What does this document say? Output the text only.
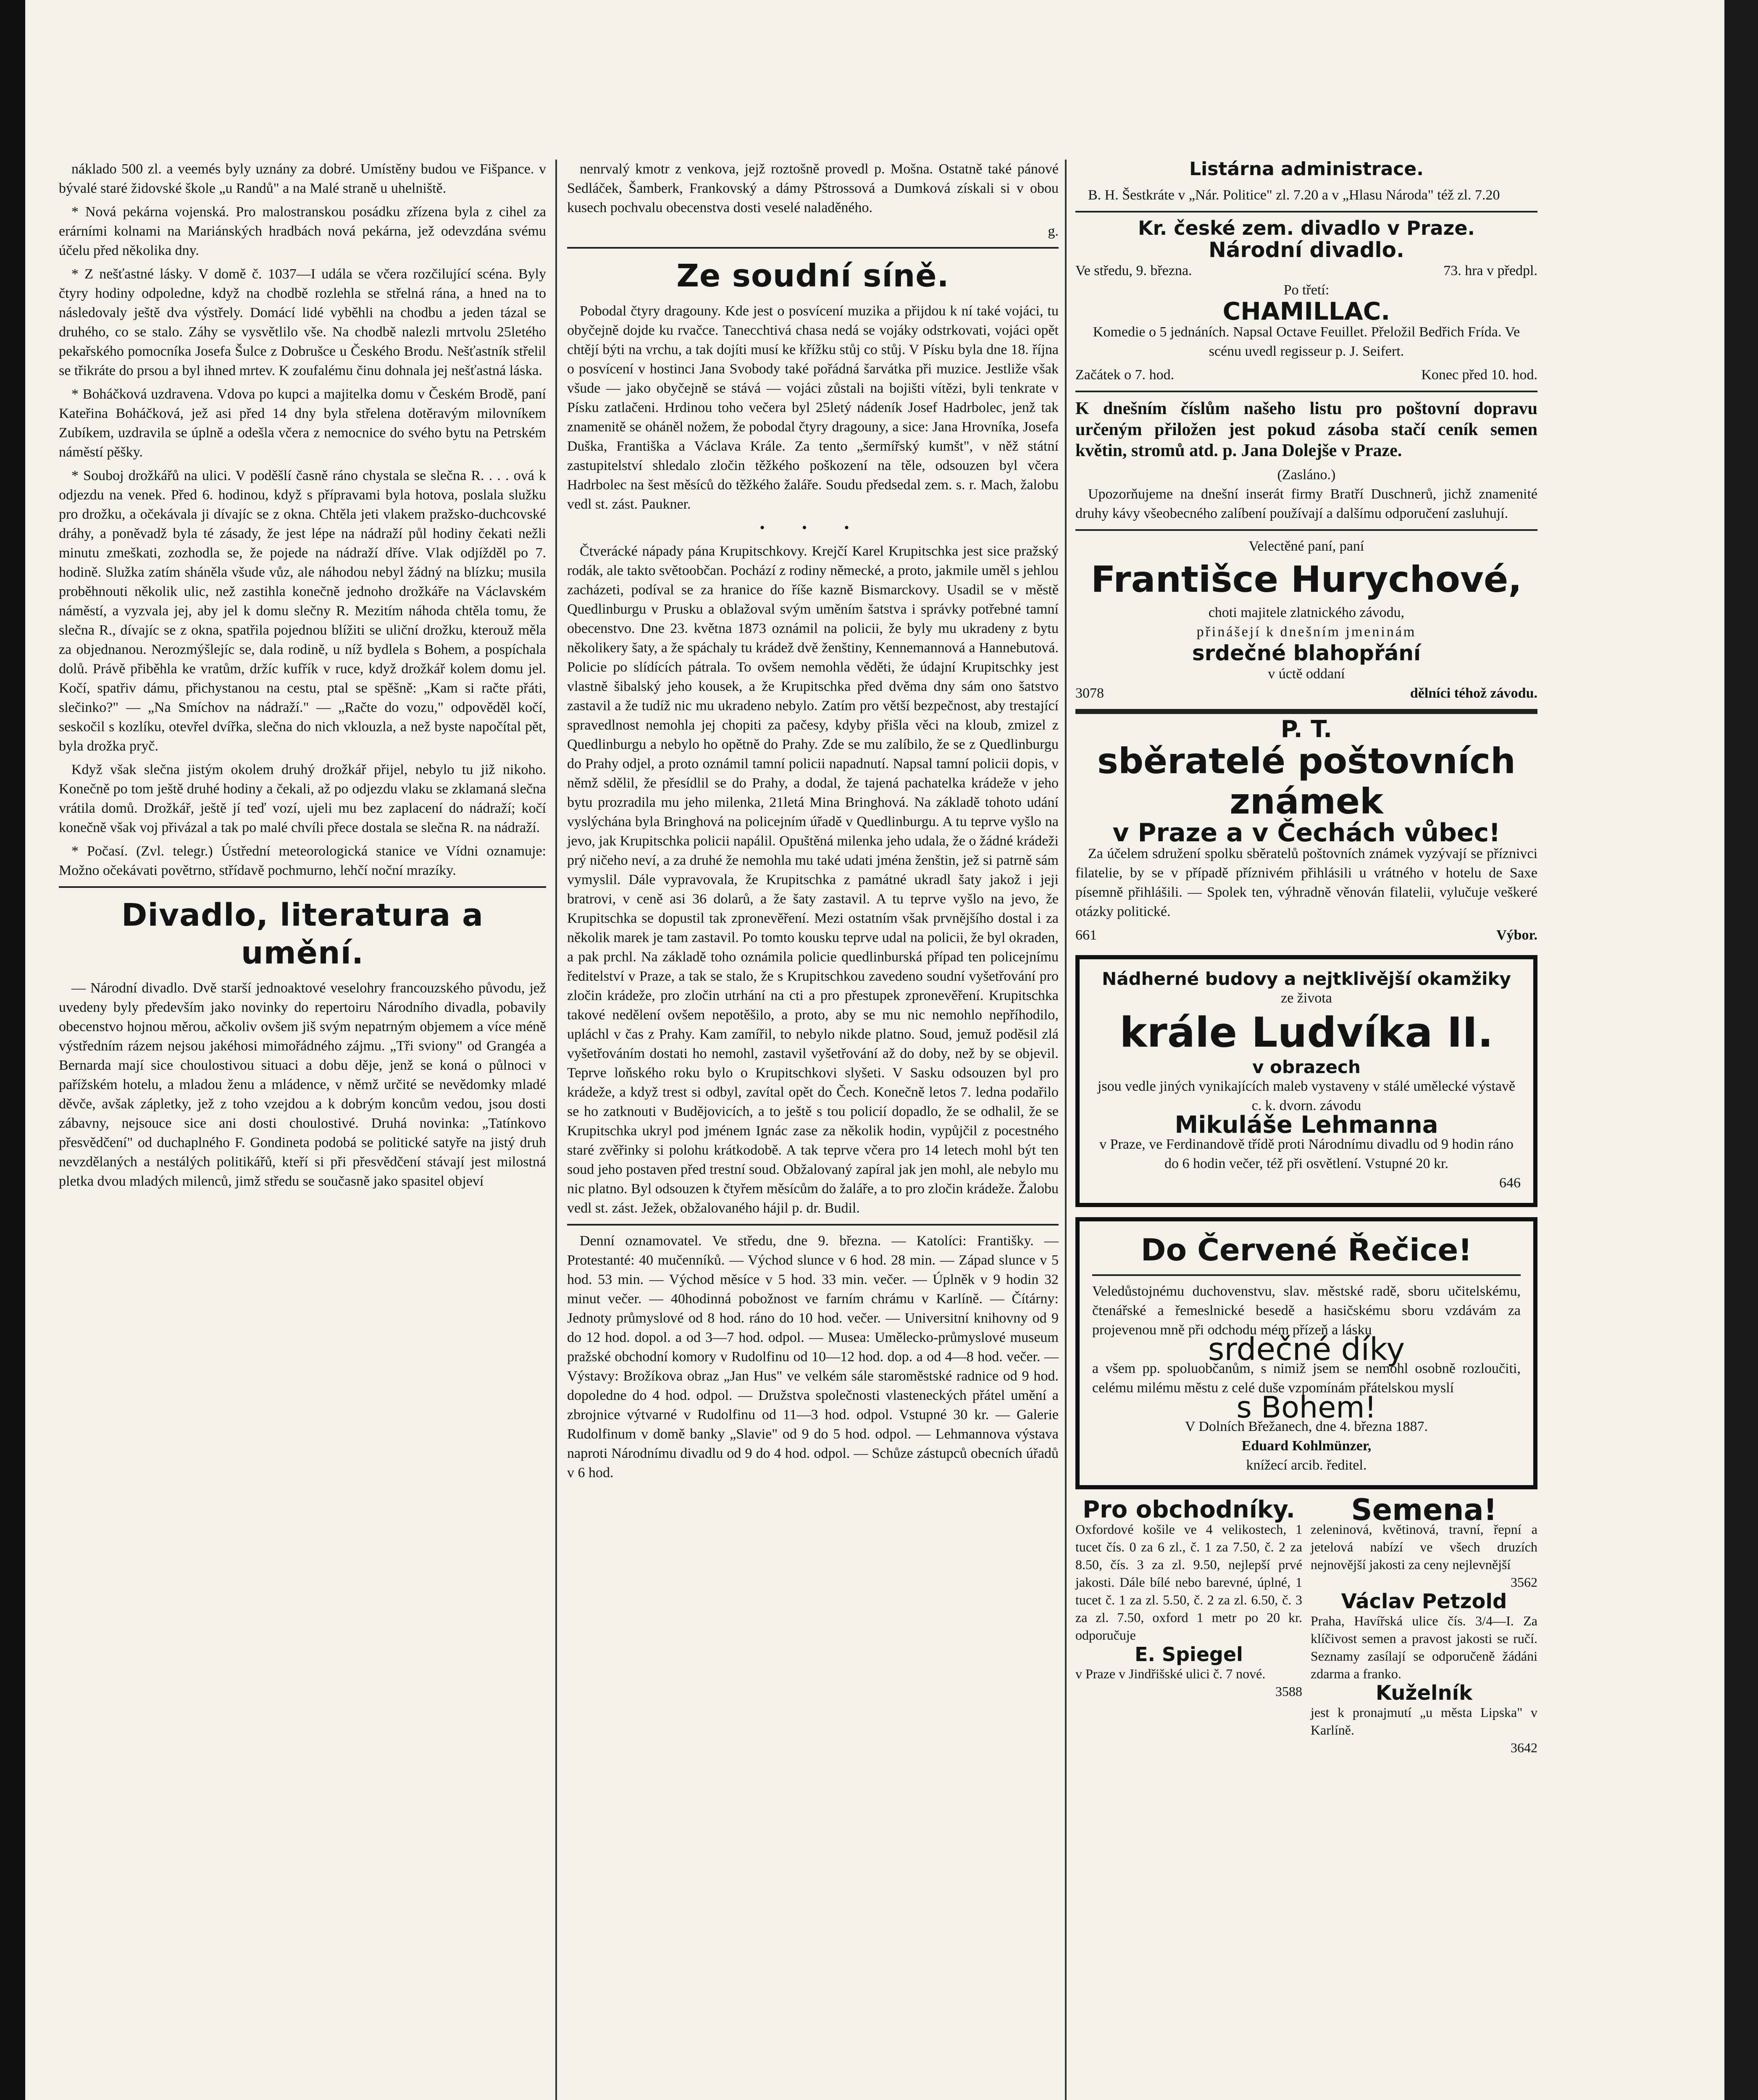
náklado 500 zl. a veemés byly uznány za dobré. Umístěny budou ve Fišpance. v bývalé staré židovské škole „u Randů" a na Malé straně u uhelniště.

* Nová pekárna vojenská. Pro malostranskou posádku zřízena byla z cihel za erárními kolnami na Mariánských hradbách nová pekárna, jež odevzdána svému účelu před několika dny.

* Z nešťastné lásky. V domě č. 1037—I udála se včera rozčilující scéna. Byly čtyry hodiny odpoledne, když na chodbě rozlehla se střelná rána, a hned na to následovaly ještě dva výstřely. Domácí lidé vyběhli na chodbu a jeden tázal se druhého, co se stalo. Záhy se vysvětlilo vše. Na chodbě nalezli mrtvolu 25letého pekařského pomocníka Josefa Šulce z Dobrušce u Českého Brodu. Nešťastník střelil se třikráte do prsou a byl ihned mrtev. K zoufalému činu dohnala jej nešťastná láska.

* Boháčková uzdravena. Vdova po kupci a majitelka domu v Českém Brodě, paní Kateřina Boháčková, jež asi před 14 dny byla střelena dotěravým milovníkem Zubíkem, uzdravila se úplně a odešla včera z nemocnice do svého bytu na Petrském náměstí pěšky.

* Souboj drožkářů na ulici. V poděšlí časně ráno chystala se slečna R. . . . ová k odjezdu na venek. Před 6. hodinou, když s přípravami byla hotova, poslala služku pro drožku, a očekávala ji dívajíc se z okna. Chtěla jeti vlakem pražsko-duchcovské dráhy, a poněvadž byla té zásady, že jest lépe na nádraží půl hodiny čekati nežli minutu zmeškati, zozhodla se, že pojede na nádraží dříve. Vlak odjížděl po 7. hodině. Služka zatím sháněla všude vůz, ale náhodou nebyl žádný na blízku; musila proběhnouti několik ulic, než zastihla konečně jednoho drožkáře na Václavském náměstí, a vyzvala jej, aby jel k domu slečny R. Mezitím náhoda chtěla tomu, že slečna R., dívajíc se z okna, spatřila pojednou blížiti se uliční drožku, kterouž měla za objednanou. Nerozmýšlejíc se, dala rodině, u níž bydlela s Bohem, a pospíchala dolů. Právě přiběhla ke vratům, držíc kufřík v ruce, když drožkář kolem domu jel. Kočí, spatřiv dámu, přichystanou na cestu, ptal se spěšně: „Kam si račte přáti, slečinko?" — „Na Smíchov na nádraží." — „Račte do vozu," odpověděl kočí, seskočil s kozlíku, otevřel dvířka, slečna do nich vklouzla, a než byste napočítal pět, byla drožka pryč.

Když však slečna jistým okolem druhý drožkář přijel, nebylo tu již nikoho. Konečně po tom ještě druhé hodiny a čekali, až po odjezdu vlaku se zklamaná slečna vrátila domů. Drožkář, ještě jí teď vozí, ujeli mu bez zaplacení do nádraží; kočí konečně však voj přivázal a tak po malé chvíli přece dostala se slečna R. na nádraží.

* Počasí. (Zvl. telegr.) Ústřední meteorologická stanice ve Vídni oznamuje: Možno očekávati povětrno, střídavě pochmurno, lehčí noční mrazíky.

Divadlo, literatura a umění.

— Národní divadlo. Dvě starší jednoaktové veselohry francouzského původu, jež uvedeny byly především jako novinky do repertoiru Národního divadla, pobavily obecenstvo hojnou měrou, ačkoliv ovšem jiš svým nepatrným objemem a více méně výstředním rázem nejsou jakéhosi mimořádného zájmu. „Tři sviony" od Grangéa a Bernarda mají sice choulostivou situaci a dobu děje, jenž se koná o půlnoci v pařížském hotelu, a mladou ženu a mládence, v němž určité se nevědomky mladé děvče, avšak zápletky, jež z toho vzejdou a k dobrým koncům vedou, jsou dosti zábavny, nejsouce sice ani dosti choulostivé. Druhá novinka: „Tatínkovo přesvědčení" od duchaplného F. Gondineta podobá se politické satyře na jistý druh nevzdělaných a nestálých politikářů, kteří si při přesvědčení stávají jest milostná pletka dvou mladých milenců, jimž středu se současně jako spasitel objeví

nenrvalý kmotr z venkova, jejž roztošně provedl p. Mošna. Ostatně také pánové Sedláček, Šamberk, Frankovský a dámy Pštrossová a Dumková získali si v obou kusech pochvalu obecenstva dosti veselé naladěného.

g.

Ze soudní síně.

Pobodal čtyry dragouny. Kde jest o posvícení muzika a přijdou k ní také vojáci, tu obyčejně dojde ku rvačce. Tanecchtivá chasa nedá se vojáky odstrkovati, vojáci opět chtějí býti na vrchu, a tak dojíti musí ke křížku stůj co stůj. V Písku byla dne 18. října o posvícení v hostinci Jana Svobody také pořádná šarvátka při muzice. Jestliže však všude — jako obyčejně se stává — vojáci zůstali na bojišti vítězi, byli tenkrate v Písku zatlačeni. Hrdinou toho večera byl 25letý nádeník Josef Hadrbolec, jenž tak znamenitě se oháněl nožem, že pobodal čtyry dragouny, a sice: Jana Hrovníka, Josefa Duška, Františka a Václava Krále. Za tento „šermířský kumšt", v něž státní zastupitelství shledalo zločin těžkého poškození na těle, odsouzen byl včera Hadrbolec na šest měsíců do těžkého žaláře. Soudu předsedal zem. s. r. Mach, žalobu vedl st. zást. Paukner.

• • •

Čtverácké nápady pána Krupitschkovy. Krejčí Karel Krupitschka jest sice pražský rodák, ale takto světoobčan. Pochází z rodiny německé, a proto, jakmile uměl s jehlou zacházeti, podíval se za hranice do říše kazně Bismarckovy. Usadil se v městě Quedlinburgu v Prusku a oblažoval svým uměním šatstva i správky potřebné tamní obecenstvo. Dne 23. května 1873 oznámil na policii, že byly mu ukradeny z bytu několikery šaty, a že spáchaly tu krádež dvě ženštiny, Kennemannová a Hannebutová. Policie po slídících pátrala. To ovšem nemohla věděti, že údajní Krupitschky jest vlastně šibalský jeho kousek, a že Krupitschka před dvěma dny sám ono šatstvo zastavil a že tudíž nic mu ukradeno nebylo. Zatím pro větší bezpečnost, aby trestající spravedlnost nemohla jej chopiti za pačesy, kdyby přišla věci na kloub, zmizel z Quedlinburgu a nebylo ho opětně do Prahy. Zde se mu zalíbilo, že se z Quedlinburgu do Prahy odjel, a proto oznámil tamní policii napadnutí. Napsal tamní policii dopis, v němž sdělil, že přesídlil se do Prahy, a dodal, že tajená pachatelka krádeže v jeho bytu prozradila mu jeho milenka, 21letá Mina Bringhová. Na základě tohoto udání vyslýchána byla Bringhová na policejním úřadě v Quedlinburgu. A tu teprve vyšlo na jevo, jak Krupitschka policii napálil. Opuštěná milenka jeho udala, že o žádné krádeži prý ničeho neví, a za druhé že nemohla mu také udati jména ženštin, jež si patrně sám vymyslil. Dále vypravovala, že Krupitschka z památné ukradl šaty jakož i jeji bratrovi, v ceně asi 36 dolarů, a že šaty zastavil. A tu teprve vyšlo na jevo, že Krupitschka se dopustil tak zpronevěření. Mezi ostatním však prvnějšího dostal i za několik marek je tam zastavil. Po tomto kousku teprve udal na policii, že byl okraden, a pak prchl. Na základě toho oznámila policie quedlinburská případ ten policejnímu ředitelství v Praze, a tak se stalo, že s Krupitschkou zavedeno soudní vyšetřování pro zločin krádeže, pro zločin utrhání na cti a pro přestupek zpronevěření. Krupitschka takové nedělení ovšem nepotěšilo, a proto, aby se mu nic nemohlo nepříhodilo, upláchl v čas z Prahy. Kam zamířil, to nebylo nikde platno. Soud, jemuž poděsil zlá vyšetřováním dostati ho nemohl, zastavil vyšetřování až do doby, než by se objevil. Teprve loňského roku bylo o Krupitschkovi slyšeti. V Sasku odsouzen byl pro krádeže, a když trest si odbyl, zavítal opět do Čech. Konečně letos 7. ledna podařilo se ho zatknouti v Budějovicích, a to ještě s tou policií dopadlo, že se odhalil, že se Krupitschka ukryl pod jménem Ignác zase za několik hodin, vypůjčil z pocestného staré zvěřinky si polohu krátkodobě. A tak teprve včera pro 14 letech mohl být ten soud jeho postaven před trestní soud. Obžalovaný zapíral jak jen mohl, ale nebylo mu nic platno. Byl odsouzen k čtyřem měsícům do žaláře, a to pro zločin krádeže. Žalobu vedl st. zást. Ježek, obžalovaného hájil p. dr. Budil.

Denní oznamovatel. Ve středu, dne 9. března. — Katolíci: Františky. — Protestanté: 40 mučenníků. — Východ slunce v 6 hod. 28 min. — Západ slunce v 5 hod. 53 min. — Východ měsíce v 5 hod. 33 min. večer. — Úplněk v 9 hodin 32 minut večer. — 40hodinná pobožnost ve farním chrámu v Karlíně. — Čítárny: Jednoty průmyslové od 8 hod. ráno do 10 hod. večer. — Universitní knihovny od 9 do 12 hod. dopol. a od 3—7 hod. odpol. — Musea: Umělecko-průmyslové museum pražské obchodní komory v Rudolfinu od 10—12 hod. dop. a od 4—8 hod. večer. — Výstavy: Brožíkova obraz „Jan Hus" ve velkém sále staroměstské radnice od 9 hod. dopoledne do 4 hod. odpol. — Družstva společnosti vlasteneckých přátel umění a zbrojnice výtvarné v Rudolfinu od 11—3 hod. odpol. Vstupné 30 kr. — Galerie Rudolfinum v domě banky „Slavie" od 9 do 5 hod. odpol. — Lehmannova výstava naproti Národnímu divadlu od 9 do 4 hod. odpol. — Schůze zástupců obecních úřadů v 6 hod.

Listárna administrace.

B. H. Šestkráte v „Nár. Politice" zl. 7.20 a v „Hlasu Národa" též zl. 7.20

Kr. české zem. divadlo v Praze.
Národní divadlo.
Ve středu, 9. března.	73. hra v předpl.
Po třetí:
CHAMILLAC.

Komedie o 5 jednáních. Napsal Octave Feuillet. Přeložil Bedřich Frída. Ve scénu uvedl regisseur p. J. Seifert.

Začátek o 7. hod.	Konec před 10. hod.

K dnešním číslům našeho listu pro poštovní dopravu určeným přiložen jest pokud zásoba stačí ceník semen květin, stromů atd. p. Jana Dolejše v Praze.

(Zasláno.)

Upozorňujeme na dnešní inserát firmy Bratří Duschnerů, jichž znamenité druhy kávy všeobecného zalíbení používají a dalšímu odporučení zasluhují.

Velectěné paní, paní
Františce Hurychové,
choti majitele zlatnického závodu,
přinášejí k dnešním jmeninám
srdečné blahopřání
v úctě oddaní
3078	dělníci téhož závodu.
P. T.
sběratelé poštovních známek
v Praze a v Čechách vůbec!

Za účelem sdružení spolku sběratelů poštovních známek vyzývají se příznivci filatelie, by se v případě příznivém přihlásili u vrátného v hotelu de Saxe písemně přihlášili. — Spolek ten, výhradně věnován filatelii, vylučuje veškeré otázky politické.

661	Výbor.
Nádherné budovy a nejtklivější okamžiky
ze života
krále Ludvíka II.
v obrazech
jsou vedle jiných vynikajících maleb vystaveny v stálé umělecké výstavě c. k. dvorn. závodu
Mikuláše Lehmanna
v Praze, ve Ferdinandově třídě proti Národnímu divadlu od 9 hodin ráno do 6 hodin večer, též při osvětlení. Vstupné 20 kr.
646
Do Červené Řečice!
Veledůstojnému duchovenstvu, slav. městské radě, sboru učitelskému, čtenářské a řemeslnické besedě a hasičskému sboru vzdávám za projevenou mně při odchodu mém přízeň a lásku
srdečné díky
a všem pp. spoluobčanům, s nimiž jsem se nemohl osobně rozloučiti, celému milému městu z celé duše vzpomínám přátelskou myslí
s Bohem!
V Dolních Břežanech, dne 4. března 1887.
Eduard Kohlmünzer,
knížecí arcib. ředitel.
Pro obchodníky.
Oxfordové košile ve 4 velikostech, 1 tucet čís. 0 za 6 zl., č. 1 za 7.50, č. 2 za 8.50, čís. 3 za zl. 9.50, nejlepší prvé jakosti. Dále bílé nebo barevné, úplné, 1 tucet č. 1 za zl. 5.50, č. 2 za zl. 6.50, č. 3 za zl. 7.50, oxford 1 metr po 20 kr. odporučuje
E. Spiegel
v Praze v Jindřišské ulici č. 7 nové.
3588
Semena!
zeleninová, květinová, travní, řepní a jetelová nabízí ve všech druzích nejnovější jakosti za ceny nejlevnější
3562
Václav Petzold
Praha, Havířská ulice čís. 3/4—I. Za klíčivost semen a pravost jakosti se ručí. Seznamy zasílají se odporučeně žádáni zdarma a franko.
Kuželník
jest k pronajmutí „u města Lipska" v Karlíně.
3642
